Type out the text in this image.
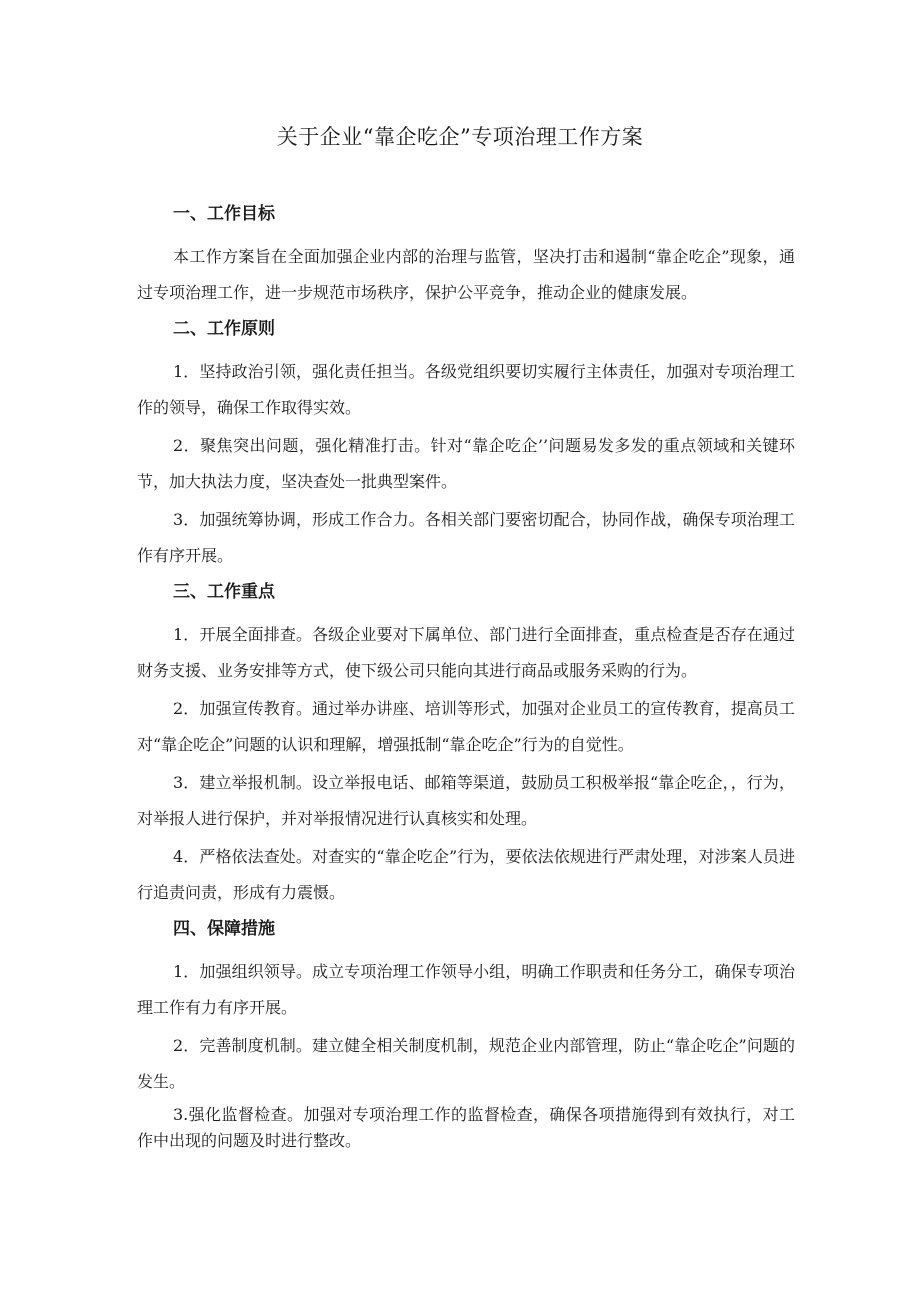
关于企业“靠企吃企”专项治理工作方案
一、工作目标

本工作方案旨在全面加强企业内部的治理与监管，坚决打击和遏制“靠企吃企”现象，通过专项治理工作，进一步规范市场秩序，保护公平竞争，推动企业的健康发展。

二、工作原则

1．坚持政治引领，强化责任担当。各级党组织要切实履行主体责任，加强对专项治理工作的领导，确保工作取得实效。

2．聚焦突出问题，强化精准打击。针对“靠企吃企’’问题易发多发的重点领域和关键环节，加大执法力度，坚决查处一批典型案件。

3．加强统筹协调，形成工作合力。各相关部门要密切配合，协同作战，确保专项治理工作有序开展。

三、工作重点

1．开展全面排查。各级企业要对下属单位、部门进行全面排查，重点检查是否存在通过财务支援、业务安排等方式，使下级公司只能向其进行商品或服务采购的行为。

2．加强宣传教育。通过举办讲座、培训等形式，加强对企业员工的宣传教育，提高员工对“靠企吃企”问题的认识和理解，增强抵制“靠企吃企”行为的自觉性。

3．建立举报机制。设立举报电话、邮箱等渠道，鼓励员工积极举报“靠企吃企，，行为，对举报人进行保护，并对举报情况进行认真核实和处理。

4．严格依法查处。对查实的“靠企吃企”行为，要依法依规进行严肃处理，对涉案人员进行追责问责，形成有力震慑。

四、保障措施

1．加强组织领导。成立专项治理工作领导小组，明确工作职责和任务分工，确保专项治理工作有力有序开展。

2．完善制度机制。建立健全相关制度机制，规范企业内部管理，防止“靠企吃企”问题的发生。

3.强化监督检查。加强对专项治理工作的监督检查，确保各项措施得到有效执行，对工作中出现的问题及时进行整改。
